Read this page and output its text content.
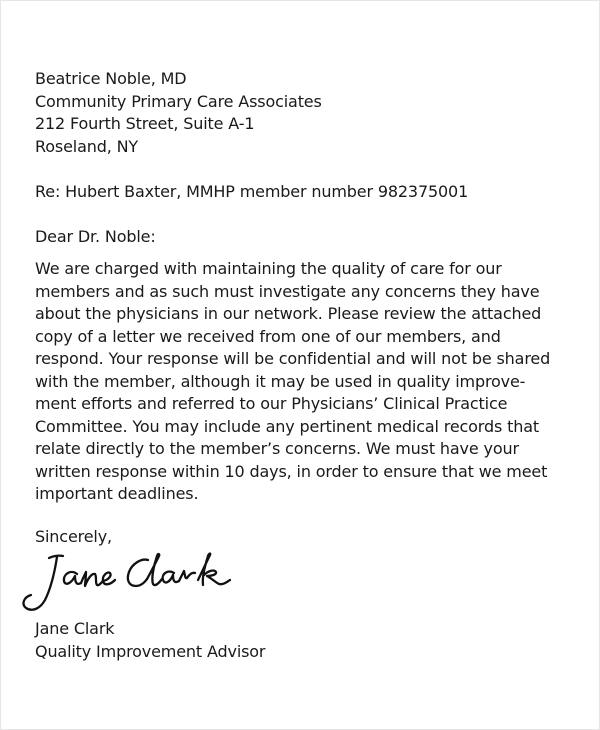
Beatrice Noble, MD
Community Primary Care Associates
212 Fourth Street, Suite A-1
Roseland, NY
Re: Hubert Baxter, MMHP member number 982375001
Dear Dr. Noble:
We are charged with maintaining the quality of care for our
members and as such must investigate any concerns they have
about the physicians in our network. Please review the attached
copy of a letter we received from one of our members, and
respond. Your response will be confidential and will not be shared
with the member, although it may be used in quality improve-
ment efforts and referred to our Physicians’ Clinical Practice
Committee. You may include any pertinent medical records that
relate directly to the member’s concerns. We must have your
written response within 10 days, in order to ensure that we meet
important deadlines.
Sincerely,
Jane Clark
Quality Improvement Advisor
